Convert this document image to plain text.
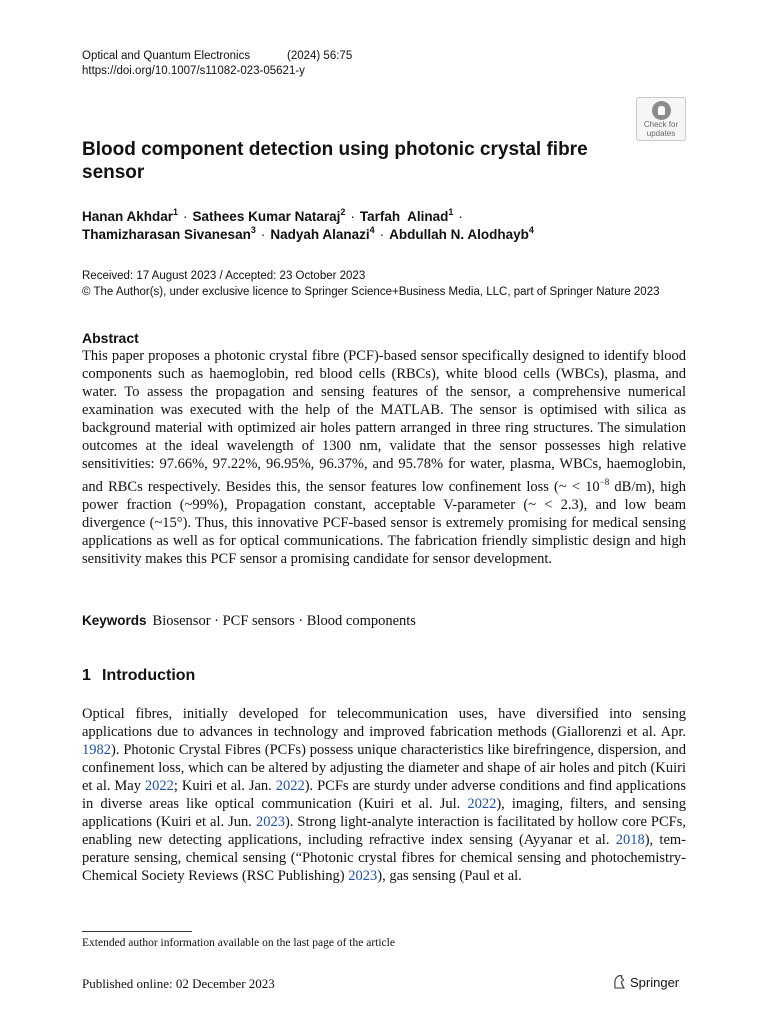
Optical and Quantum Electronics	(2024) 56:75
https://doi.org/10.1007/s11082-023-05621-y
Check for
updates
Blood component detection using photonic crystal fibre sensor
Hanan Akhdar$^1$ · Sathees Kumar Nataraj$^2$ · Tarfah  Alinad$^1$ ·
Thamizharasan Sivanesan$^3$ · Nadyah Alanazi$^4$ · Abdullah N. Alodhayb$^4$
Received: 17 August 2023 / Accepted: 23 October 2023
© The Author(s), under exclusive licence to Springer Science+Business Media, LLC, part of Springer Nature 2023
Abstract

This paper proposes a photonic crystal fibre (PCF)-based sensor specifically designed to identify blood components such as haemoglobin, red blood cells (RBCs), white blood cells (WBCs), plasma, and water. To assess the propagation and sensing features of the sensor, a comprehensive numerical examination was executed with the help of the MATLAB. The sensor is optimised with silica as background material with optimized air holes pattern arranged in three ring structures. The simulation outcomes at the ideal wavelength of 1300 nm, validate that the sensor possesses high relative sensitivities: 97.66%, 97.22%, 96.95%, 96.37%, and 95.78% for water, plasma, WBCs, haemoglobin, and RBCs respectively. Besides this, the sensor features low confinement loss (~ < $10^{-8}$ dB/m), high power fraction (~99%), Propagation constant, acceptable V-parameter (~ < 2.3), and low beam divergence (~15°). Thus, this innovative PCF-based sensor is extremely promising for medical sensing applications as well as for optical communications. The fabrication friendly simplistic design and high sensitivity makes this PCF sensor a promising candidate for sensor development.

Keywords Biosensor · PCF sensors · Blood components
1 Introduction

Optical fibres, initially developed for telecommunication uses, have diversified into sensing applications due to advances in technology and improved fabrication methods (Giallorenzi et al. Apr. 1982). Photonic Crystal Fibres (PCFs) possess unique characteristics like birefringence, dispersion, and confinement loss, which can be altered by adjusting the diameter and shape of air holes and pitch (Kuiri et al. May 2022; Kuiri et al. Jan. 2022). PCFs are sturdy under adverse conditions and find applications in diverse areas like optical communication (Kuiri et al. Jul. 2022), imaging, filters, and sensing applications (Kuiri et al. Jun. 2023). Strong light-analyte interaction is facilitated by hollow core PCFs, enabling new detecting applications, including refractive index sensing (Ayyanar et al. 2018), temperature sensing, chemical sensing (“Photonic crystal fibres for chemical sensing and photochemistry-Chemical Society Reviews (RSC Publishing) 2023), gas sensing (Paul et al.

Extended author information available on the last page of the article
Published online: 02 December 2023	Springer
